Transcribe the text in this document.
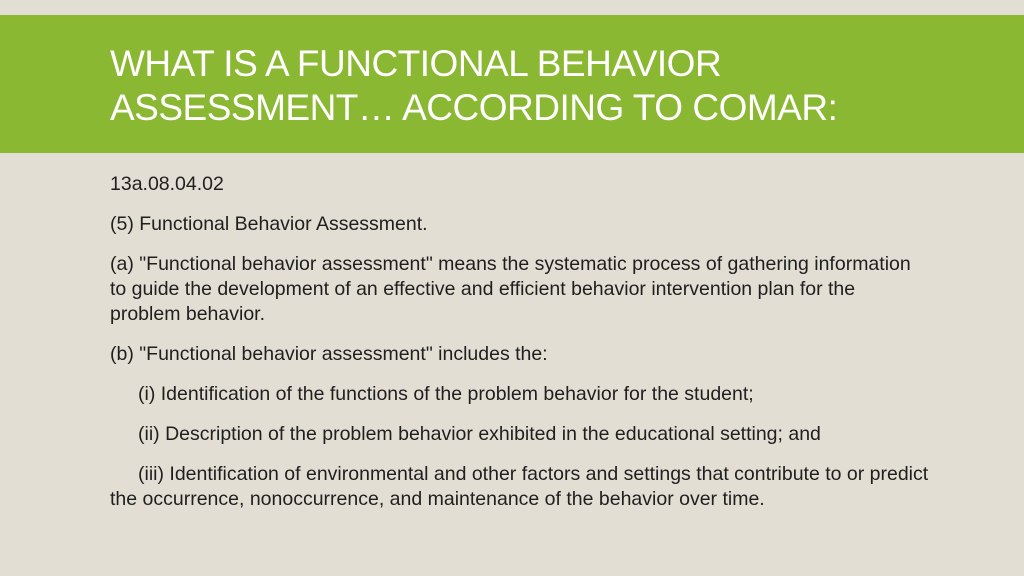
WHAT IS A FUNCTIONAL BEHAVIOR
ASSESSMENT… ACCORDING TO COMAR:

13a.08.04.02

(5) Functional Behavior Assessment.

(a) "Functional behavior assessment" means the systematic process of gathering information to guide the development of an effective and efficient behavior intervention plan for the problem behavior.

(b) "Functional behavior assessment" includes the:

(i) Identification of the functions of the problem behavior for the student;

(ii) Description of the problem behavior exhibited in the educational setting; and

(iii) Identification of environmental and other factors and settings that contribute to or predict the occurrence, nonoccurrence, and maintenance of the behavior over time.
